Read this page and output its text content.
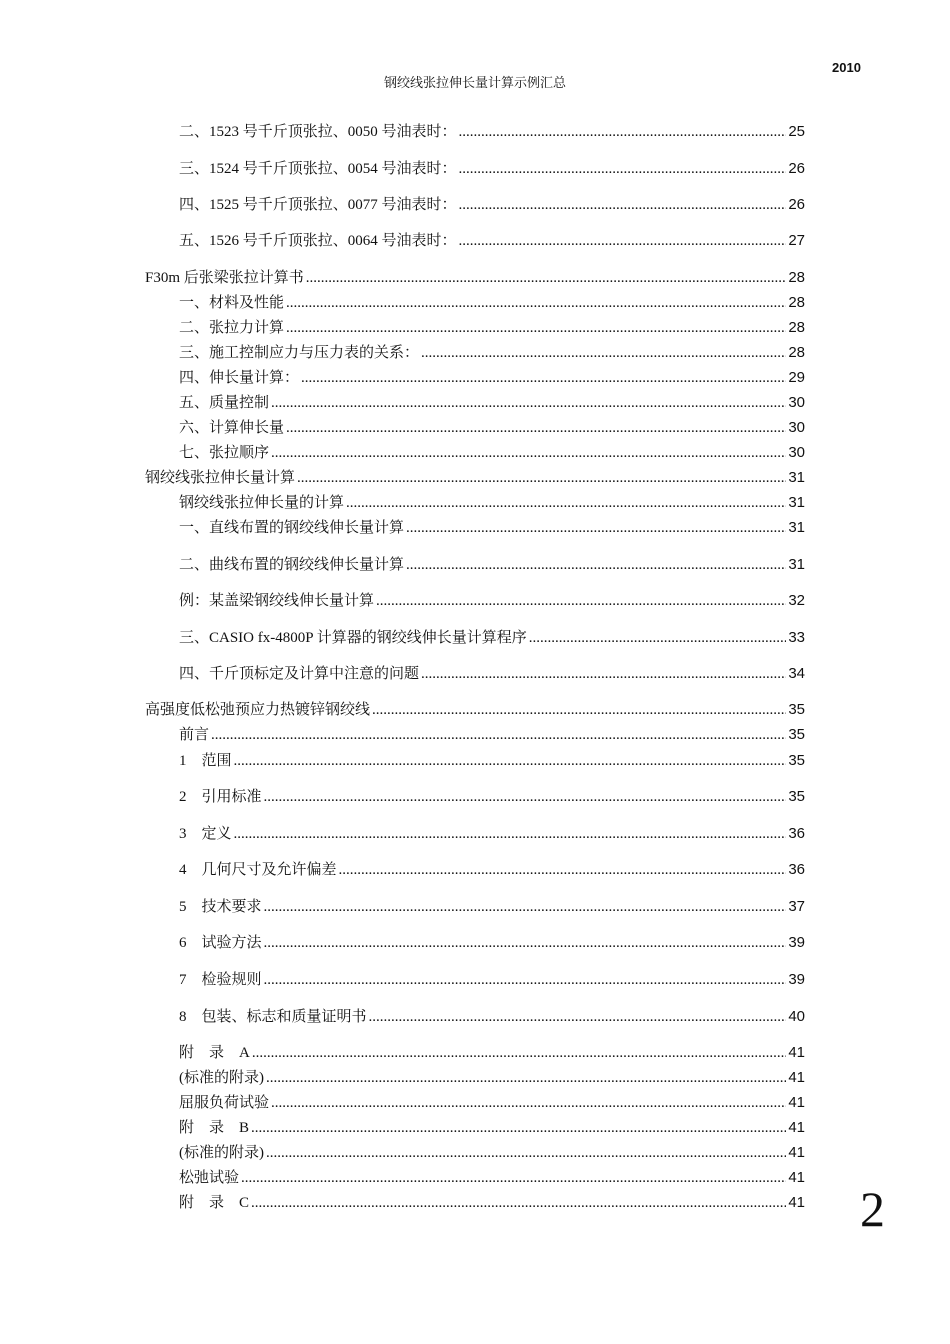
2010
钢绞线张拉伸长量计算示例汇总
二、1523 号千斤顶张拉、0050 号油表时： .....	25
三、1524 号千斤顶张拉、0054 号油表时： .....	26
四、1525 号千斤顶张拉、0077 号油表时： .....	26
五、1526 号千斤顶张拉、0064 号油表时： .....	27
F30m 后张梁张拉计算书 .....	28
一、材料及性能 .....	28
二、张拉力计算 .....	28
三、施工控制应力与压力表的关系： .....	28
四、伸长量计算： .....	29
五、质量控制 .....	30
六、计算伸长量 .....	30
七、张拉顺序 .....	30
钢绞线张拉伸长量计算 .....	31
钢绞线张拉伸长量的计算 .....	31
一、直线布置的钢绞线伸长量计算 .....	31
二、曲线布置的钢绞线伸长量计算 .....	31
例：某盖梁钢绞线伸长量计算 .....	32
三、CASIO fx-4800P 计算器的钢绞线伸长量计算程序 .....	33
四、千斤顶标定及计算中注意的问题 .....	34
高强度低松弛预应力热镀锌钢绞线 .....	35
前言 .....	35
1　范围 .....	35
2　引用标准 .....	35
3　定义 .....	36
4　几何尺寸及允许偏差 .....	36
5　技术要求 .....	37
6　试验方法 .....	39
7　检验规则 .....	39
8　包装、标志和质量证明书 .....	40
附　录　A .....	41
(标准的附录) .....	41
屈服负荷试验 .....	41
附　录　B .....	41
(标准的附录) .....	41
松弛试验 .....	41
附　录　C .....	41 2
